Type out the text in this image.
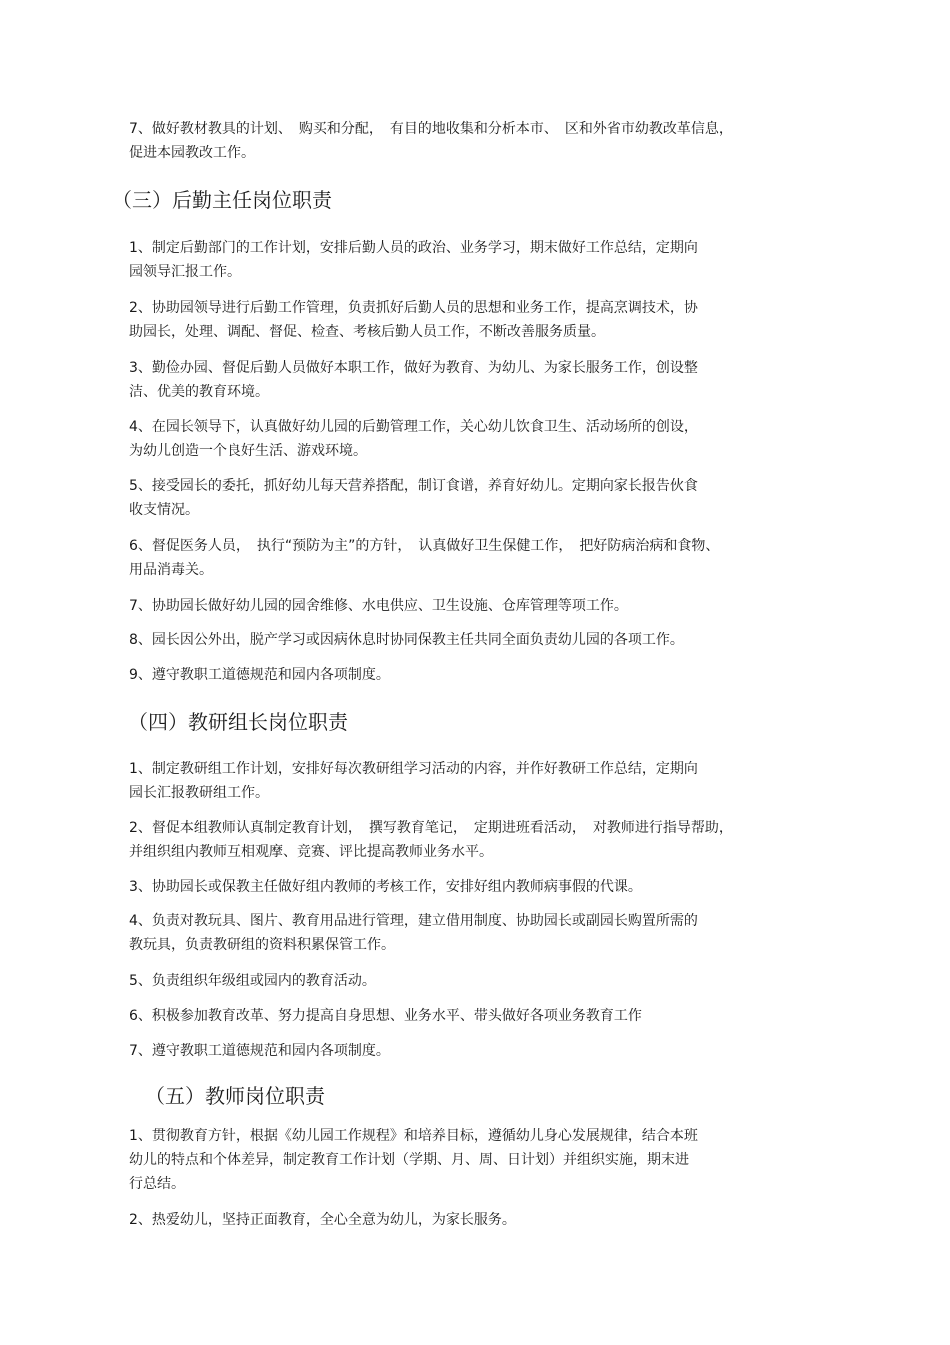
7、做好教材教具的计划、　购买和分配，　有目的地收集和分析本市、　区和外省市幼教改革信息，
促进本园教改工作。
（三）后勤主任岗位职责
1、制定后勤部门的工作计划，安排后勤人员的政治、业务学习，期末做好工作总结，定期向
园领导汇报工作。
2、协助园领导进行后勤工作管理，负责抓好后勤人员的思想和业务工作，提高烹调技术，协
助园长，处理、调配、督促、检查、考核后勤人员工作，不断改善服务质量。
3、勤俭办园、督促后勤人员做好本职工作，做好为教育、为幼儿、为家长服务工作，创设整
洁、优美的教育环境。
4、在园长领导下，认真做好幼儿园的后勤管理工作，关心幼儿饮食卫生、活动场所的创设，
为幼儿创造一个良好生活、游戏环境。
5、接受园长的委托，抓好幼儿每天营养搭配，制订食谱，养育好幼儿。定期向家长报告伙食
收支情况。
6、督促医务人员，　执行“预防为主”的方针，　认真做好卫生保健工作，　把好防病治病和食物、
用品消毒关。
7、协助园长做好幼儿园的园舍维修、水电供应、卫生设施、仓库管理等项工作。
8、园长因公外出，脱产学习或因病休息时协同保教主任共同全面负责幼儿园的各项工作。
9、遵守教职工道德规范和园内各项制度。
（四）教研组长岗位职责
1、制定教研组工作计划，安排好每次教研组学习活动的内容，并作好教研工作总结，定期向
园长汇报教研组工作。
2、督促本组教师认真制定教育计划，　撰写教育笔记，　定期进班看活动，　对教师进行指导帮助，
并组织组内教师互相观摩、竞赛、评比提高教师业务水平。
3、协助园长或保教主任做好组内教师的考核工作，安排好组内教师病事假的代课。
4、负责对教玩具、图片、教育用品进行管理，建立借用制度、协助园长或副园长购置所需的
教玩具，负责教研组的资料积累保管工作。
5、负责组织年级组或园内的教育活动。
6、积极参加教育改革、努力提高自身思想、业务水平、带头做好各项业务教育工作
7、遵守教职工道德规范和园内各项制度。
（五）教师岗位职责
1、贯彻教育方针，根据《幼儿园工作规程》和培养目标，遵循幼儿身心发展规律，结合本班
幼儿的特点和个体差异，制定教育工作计划（学期、月、周、日计划）并组织实施，期末进
行总结。
2、热爱幼儿，坚持正面教育，全心全意为幼儿，为家长服务。
